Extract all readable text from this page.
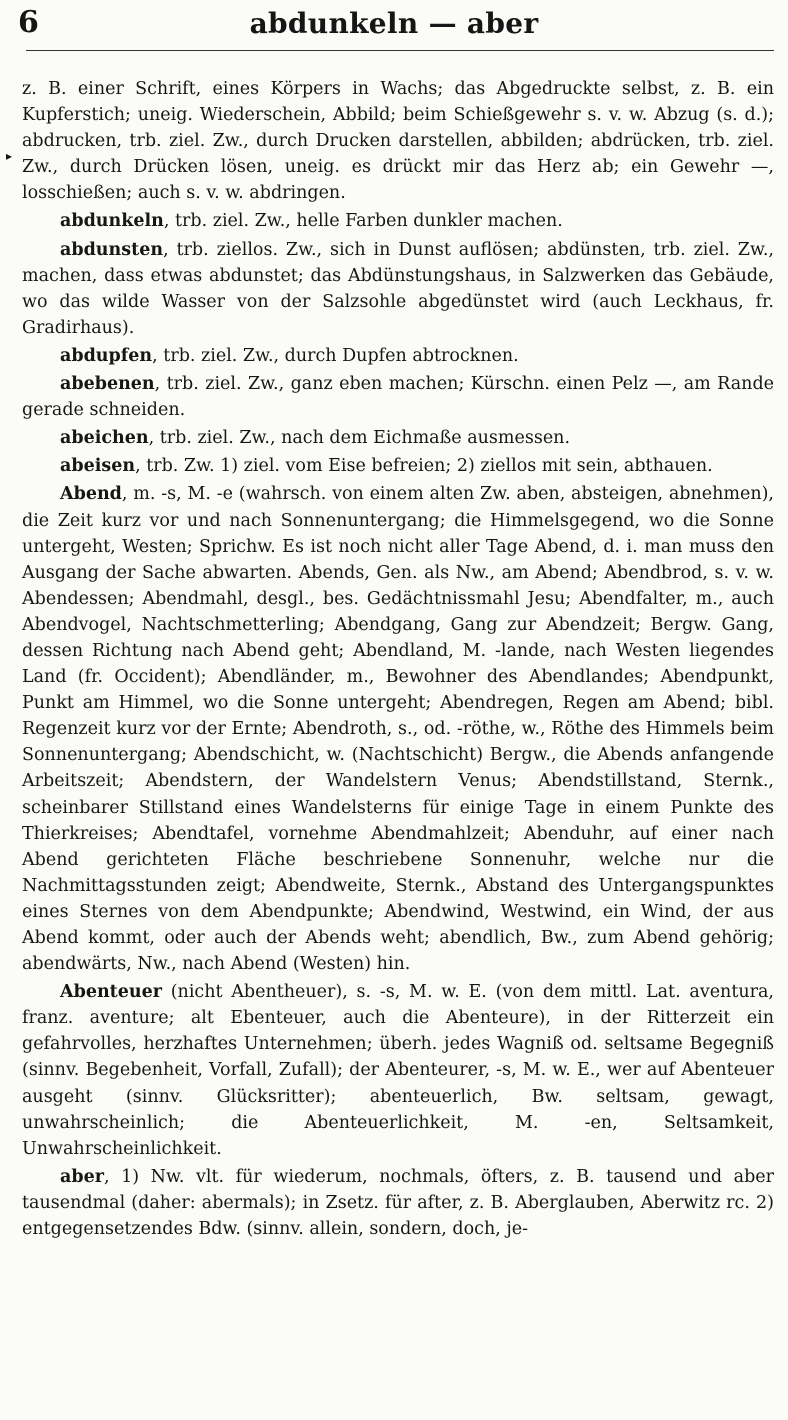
6	abdunkeln — aber
▸

z. B. einer Schrift, eines Körpers in Wachs; das Abgedruckte selbst, z. B. ein Kupferstich; uneig. Wiederschein, Abbild; beim Schießgewehr s. v. w. Abzug (s. d.); abdrucken, trb. ziel. Zw., durch Drucken darstellen, abbilden; abdrücken, trb. ziel. Zw., durch Drücken lösen, uneig. es drückt mir das Herz ab; ein Gewehr —, losschießen; auch s. v. w. abdringen.

abdunkeln, trb. ziel. Zw., helle Farben dunkler machen.

abdunsten, trb. ziellos. Zw., sich in Dunst auflösen; abdünsten, trb. ziel. Zw., machen, dass etwas abdunstet; das Abdünstungshaus, in Salzwerken das Gebäude, wo das wilde Wasser von der Salzsohle abgedünstet wird (auch Leckhaus, fr. Gradirhaus).

abdupfen, trb. ziel. Zw., durch Dupfen abtrocknen.

abebenen, trb. ziel. Zw., ganz eben machen; Kürschn. einen Pelz —, am Rande gerade schneiden.

abeichen, trb. ziel. Zw., nach dem Eichmaße ausmessen.

abeisen, trb. Zw. 1) ziel. vom Eise befreien; 2) ziellos mit sein, abthauen.

Abend, m. -s, M. -e (wahrsch. von einem alten Zw. aben, absteigen, abnehmen), die Zeit kurz vor und nach Sonnenuntergang; die Himmelsgegend, wo die Sonne untergeht, Westen; Sprichw. Es ist noch nicht aller Tage Abend, d. i. man muss den Ausgang der Sache abwarten. Abends, Gen. als Nw., am Abend; Abendbrod, s. v. w. Abendessen; Abendmahl, desgl., bes. Gedächtnissmahl Jesu; Abendfalter, m., auch Abendvogel, Nachtschmetterling; Abendgang, Gang zur Abendzeit; Bergw. Gang, dessen Richtung nach Abend geht; Abendland, M. -lande, nach Westen liegendes Land (fr. Occident); Abendländer, m., Bewohner des Abendlandes; Abendpunkt, Punkt am Himmel, wo die Sonne untergeht; Abendregen, Regen am Abend; bibl. Regenzeit kurz vor der Ernte; Abendroth, s., od. -röthe, w., Röthe des Himmels beim Sonnenuntergang; Abendschicht, w. (Nachtschicht) Bergw., die Abends anfangende Arbeitszeit; Abendstern, der Wandelstern Venus; Abendstillstand, Sternk., scheinbarer Stillstand eines Wandelsterns für einige Tage in einem Punkte des Thierkreises; Abendtafel, vornehme Abendmahlzeit; Abenduhr, auf einer nach Abend gerichteten Fläche beschriebene Sonnenuhr, welche nur die Nachmittagsstunden zeigt; Abendweite, Sternk., Abstand des Untergangspunktes eines Sternes von dem Abendpunkte; Abendwind, Westwind, ein Wind, der aus Abend kommt, oder auch der Abends weht; abendlich, Bw., zum Abend gehörig; abendwärts, Nw., nach Abend (Westen) hin.

Abenteuer (nicht Abentheuer), s. -s, M. w. E. (von dem mittl. Lat. aventura, franz. aventure; alt Ebenteuer, auch die Abenteure), in der Ritterzeit ein gefahrvolles, herzhaftes Unternehmen; überh. jedes Wagniß od. seltsame Begegniß (sinnv. Begebenheit, Vorfall, Zufall); der Abenteurer, -s, M. w. E., wer auf Abenteuer ausgeht (sinnv. Glücksritter); abenteuerlich, Bw. seltsam, gewagt, unwahrscheinlich; die Abenteuerlichkeit, M. -en, Seltsamkeit, Unwahrscheinlichkeit.

aber, 1) Nw. vlt. für wiederum, nochmals, öfters, z. B. tausend und aber tausendmal (daher: abermals); in Zsetz. für after, z. B. Aberglauben, Aberwitz rc. 2) entgegensetzendes Bdw. (sinnv. allein, sondern, doch, je-
